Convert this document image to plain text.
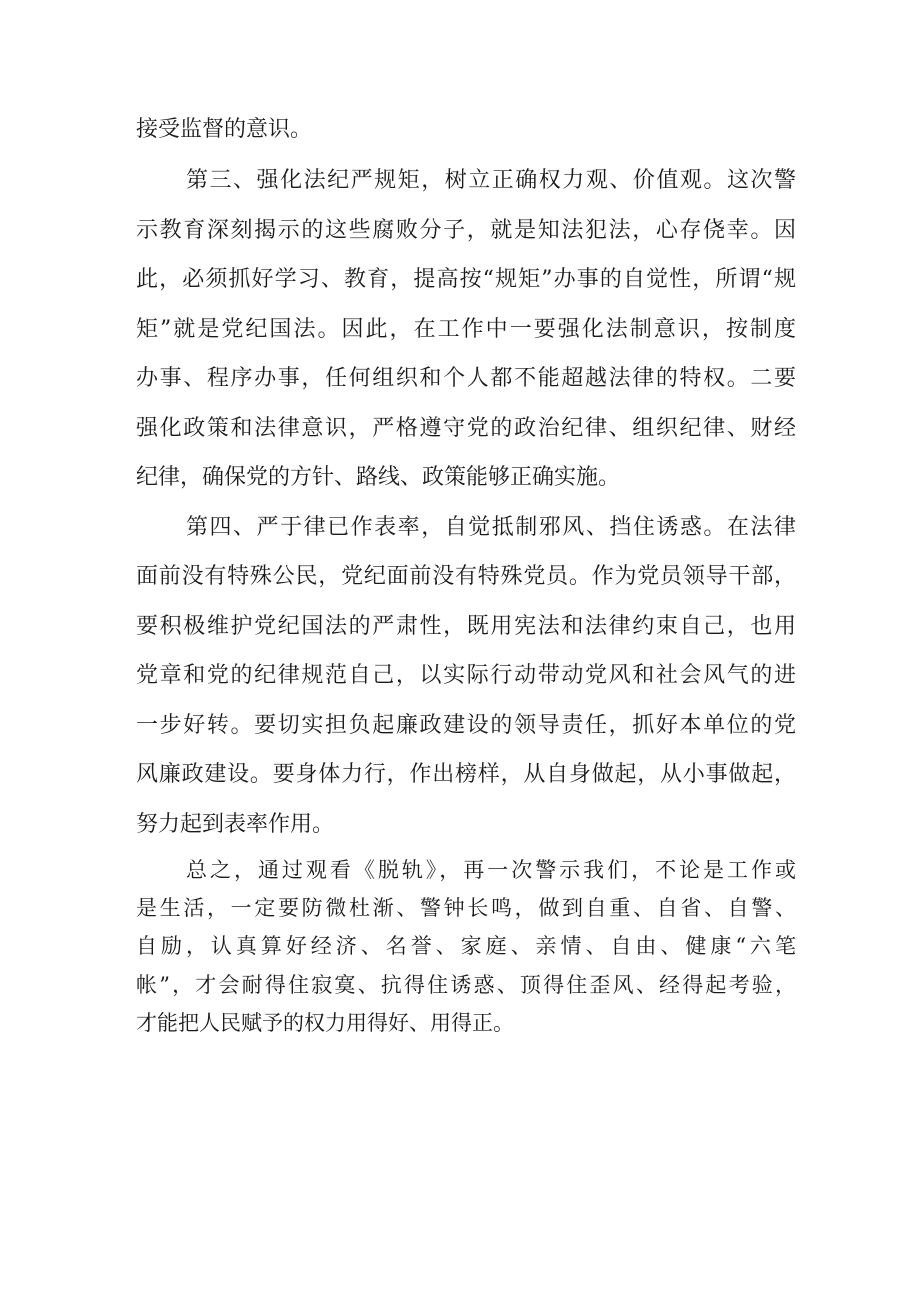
接受监督的意识。
第三、强化法纪严规矩，树立正确权力观、价值观。这次警
示教育深刻揭示的这些腐败分子，就是知法犯法，心存侥幸。因
此，必须抓好学习、教育，提高按“规矩”办事的自觉性，所谓“规
矩”就是党纪国法。因此，在工作中一要强化法制意识，按制度
办事、程序办事，任何组织和个人都不能超越法律的特权。二要
强化政策和法律意识，严格遵守党的政治纪律、组织纪律、财经
纪律，确保党的方针、路线、政策能够正确实施。
第四、严于律已作表率，自觉抵制邪风、挡住诱惑。在法律
面前没有特殊公民，党纪面前没有特殊党员。作为党员领导干部，
要积极维护党纪国法的严肃性，既用宪法和法律约束自己，也用
党章和党的纪律规范自己，以实际行动带动党风和社会风气的进
一步好转。要切实担负起廉政建设的领导责任，抓好本单位的党
风廉政建设。要身体力行，作出榜样，从自身做起，从小事做起，
努力起到表率作用。
总之，通过观看《脱轨》，再一次警示我们，不论是工作或
是生活，一定要防微杜渐、警钟长鸣，做到自重、自省、自警、
自励，认真算好经济、名誉、家庭、亲情、自由、健康“六笔
帐”，才会耐得住寂寞、抗得住诱惑、顶得住歪风、经得起考验，
才能把人民赋予的权力用得好、用得正。
